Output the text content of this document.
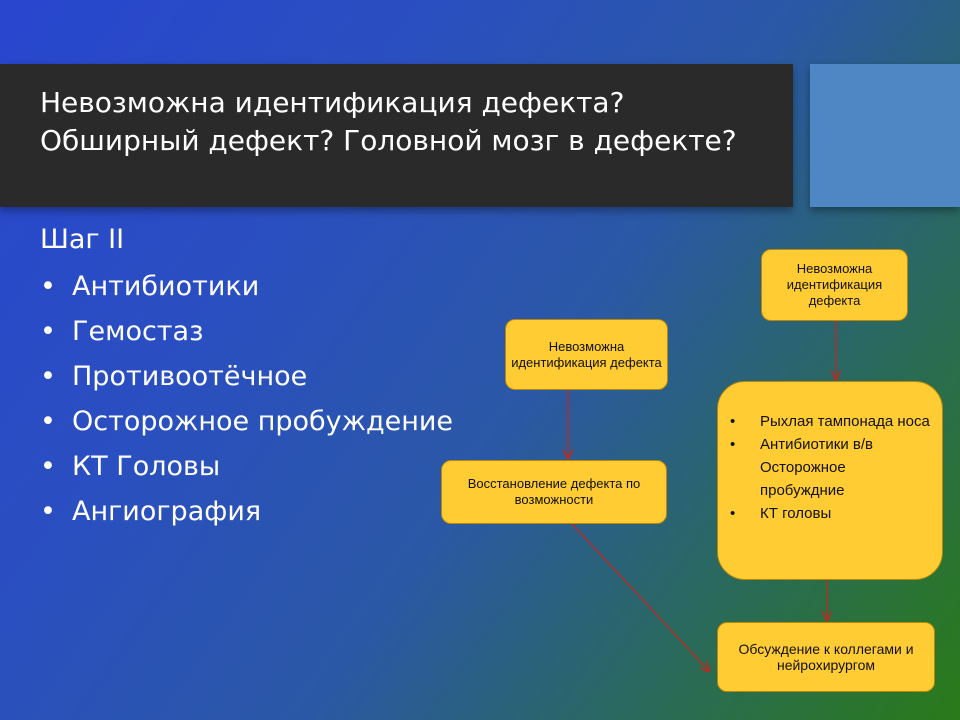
Невозможна идентификация дефекта? Обширный дефект? Головной мозг в дефекте?
Шаг II
• Антибиотики
• Гемостаз
• Противоотёчное
• Осторожное пробуждение
• КТ Головы
• Ангиография
Невозможна идентификация дефекта
Восстановление дефекта по возможности
Невозможна идентификация дефекта
•	Рыхлая тампонада носа
•	Антибиотики в/в
Осторожное пробуждние
•	КТ головы
Обсуждение к коллегами и нейрохирургом
